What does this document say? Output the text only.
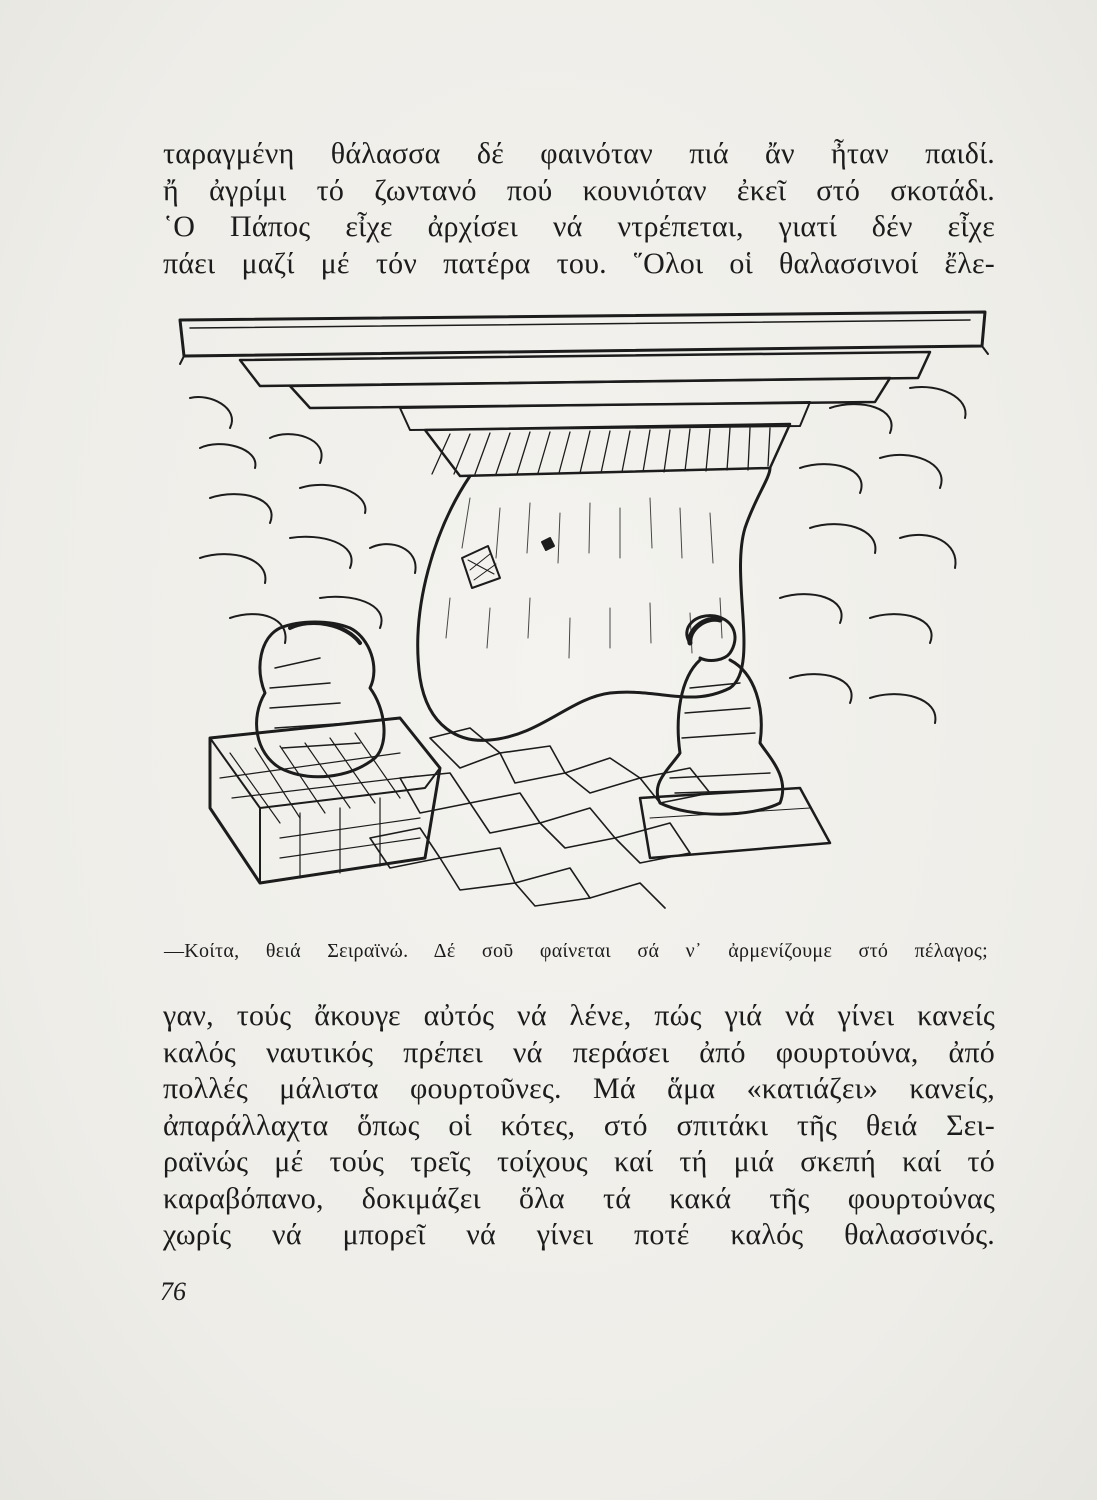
ταραγμένη θάλασσα δέ φαινόταν πιά ἄν ἦταν παιδί.
ἤ ἀγρίμι τό ζωντανό πού κουνιόταν ἐκεῖ στό σκοτάδι.
῾Ο Πάπος εἶχε ἀρχίσει νά ντρέπεται, γιατί δέν εἶχε
πάει μαζί μέ τόν πατέρα του. ῞Ολοι οἱ θαλασσινοί ἔλε-
—Κοίτα, θειά Σειραϊνώ. Δέ σοῦ φαίνεται σά ν᾿ ἀρμενίζουμε στό πέλαγος;
γαν, τούς ἄκουγε αὐτός νά λένε, πώς γιά νά γίνει κανείς
καλός ναυτικός πρέπει νά περάσει ἀπό φουρτούνα, ἀπό
πολλές μάλιστα φουρτοῦνες. Μά ἅμα «κατιάζει» κανείς,
ἀπαράλλαχτα ὅπως οἱ κότες, στό σπιτάκι τῆς θειά Σει-
ραϊνώς μέ τούς τρεῖς τοίχους καί τή μιά σκεπή καί τό
καραβόπανο, δοκιμάζει ὅλα τά κακά τῆς φουρτούνας
χωρίς νά μπορεῖ νά γίνει ποτέ καλός θαλασσινός.
76
